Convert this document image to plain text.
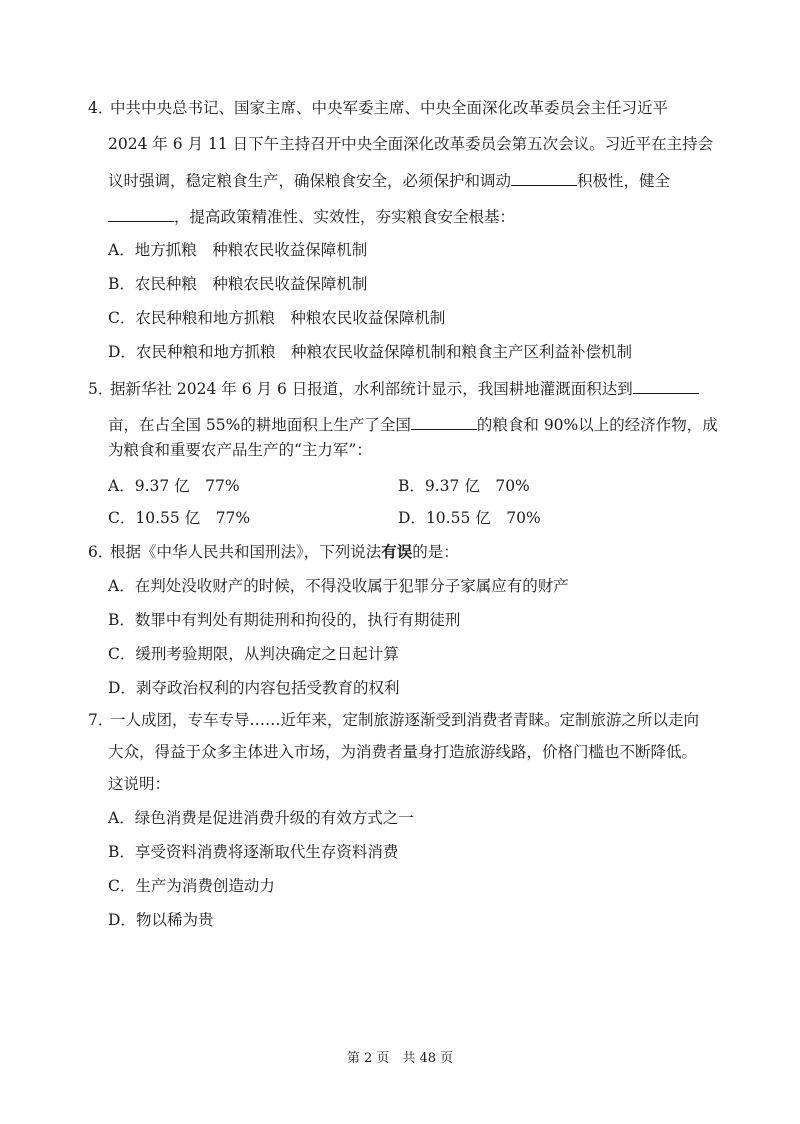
4．中共中央总书记、国家主席、中央军委主席、中央全面深化改革委员会主任习近平
2024 年 6 月 11 日下午主持召开中央全面深化改革委员会第五次会议。习近平在主持会
议时强调，稳定粮食生产，确保粮食安全，必须保护和调动	积极性，健全
，提高政策精准性、实效性，夯实粮食安全根基：
A．地方抓粮　种粮农民收益保障机制
B．农民种粮　种粮农民收益保障机制
C．农民种粮和地方抓粮　种粮农民收益保障机制
D．农民种粮和地方抓粮　种粮农民收益保障机制和粮食主产区利益补偿机制
5．据新华社 2024 年 6 月 6 日报道，水利部统计显示，我国耕地灌溉面积达到
亩，在占全国 55%的耕地面积上生产了全国	的粮食和 90%以上的经济作物，成
为粮食和重要农产品生产的“主力军”：
A．9.37 亿　77%	B．9.37 亿　70%
C．10.55 亿　77%	D．10.55 亿　70%
6．根据《中华人民共和国刑法》，下列说法有误的是：
A．在判处没收财产的时候，不得没收属于犯罪分子家属应有的财产
B．数罪中有判处有期徒刑和拘役的，执行有期徒刑
C．缓刑考验期限，从判决确定之日起计算
D．剥夺政治权利的内容包括受教育的权利
7．一人成团，专车专导……近年来，定制旅游逐渐受到消费者青睐。定制旅游之所以走向
大众，得益于众多主体进入市场，为消费者量身打造旅游线路，价格门槛也不断降低。
这说明：
A．绿色消费是促进消费升级的有效方式之一
B．享受资料消费将逐渐取代生存资料消费
C．生产为消费创造动力
D．物以稀为贵
第 2 页　共 48 页
